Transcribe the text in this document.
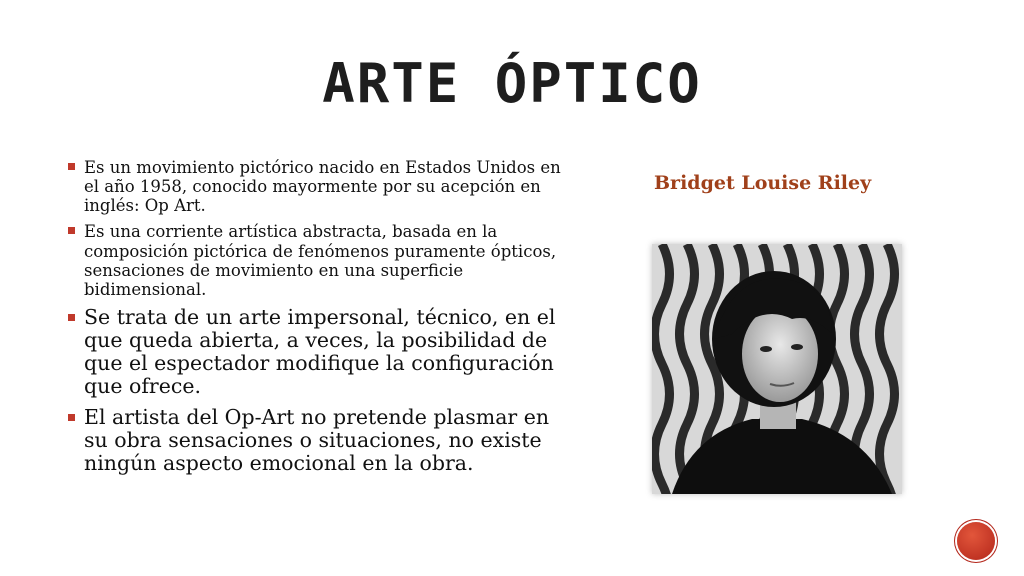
ARTE ÓPTICO
Es un movimiento pictórico nacido en Estados Unidos en el año 1958, conocido mayormente por su acepción en inglés: Op Art.
Es una corriente artística abstracta, basada en la composición pictórica de fenómenos puramente ópticos, sensaciones de movimiento en una superficie bidimensional.
Se trata de un arte impersonal, técnico, en el que queda abierta, a veces, la posibilidad de que el espectador modifique la configuración que ofrece.
El artista del Op-Art no pretende plasmar en su obra sensaciones o situaciones, no existe ningún aspecto emocional en la obra.
Bridget Louise Riley
